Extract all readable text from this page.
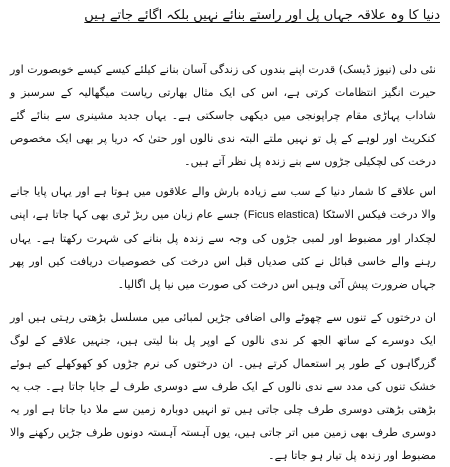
دنیا کا وہ علاقہ جہاں پل اور راستے بنائے نہیں بلکہ اگائے جاتے ہیں

نئی دلی (نیوز ڈیسک) قدرت اپنے بندوں کی زندگی آسان بنانے کیلئے کیسے کیسے خوبصورت اور حیرت انگیز انتظامات کرتی ہے، اس کی ایک مثال بھارتی ریاست میگھالیہ کے سرسبز و شاداب پہاڑی مقام چراپونجی میں دیکھی جاسکتی ہے۔ یہاں جدید مشینری سے بنائے گئے کنکریٹ اور لوہے کے پل تو نہیں ملتے البتہ ندی نالوں اور حتیٰ کہ دریا پر بھی ایک مخصوص درخت کی لچکیلی جڑوں سے بنے زندہ پل نظر آتے ہیں۔

اس علاقے کا شمار دنیا کے سب سے زیادہ بارش والے علاقوں میں ہوتا ہے اور یہاں پایا جانے والا درخت فیکس الاسٹکا (Ficus elastica) جسے عام زبان میں ربڑ ٹری بھی کہا جاتا ہے، اپنی لچکدار اور مضبوط اور لمبی جڑوں کی وجہ سے زندہ پل بنانے کی شہرت رکھتا ہے۔ یہاں رہنے والے خاسی قبائل نے کئی صدیاں قبل اس درخت کی خصوصیات دریافت کیں اور پھر جہاں ضرورت پیش آئی وہیں اس درخت کی صورت میں نیا پل اگالیا۔

ان درختوں کے تنوں سے چھوٹے والی اضافی جڑیں لمبائی میں مسلسل بڑھتی رہتی ہیں اور ایک دوسرے کے ساتھ الجھ کر ندی نالوں کے اوپر پل بنا لیتی ہیں، جنہیں علاقے کے لوگ گزرگاہوں کے طور پر استعمال کرتے ہیں۔ ان درختوں کی نرم جڑوں کو کھوکھلے کیے ہوئے خشک تنوں کی مدد سے ندی نالوں کے ایک طرف سے دوسری طرف لے جایا جاتا ہے۔ جب یہ بڑھتی بڑھتی دوسری طرف چلی جاتی ہیں تو انہیں دوبارہ زمین سے ملا دیا جاتا ہے اور یہ دوسری طرف بھی زمین میں اتر جاتی ہیں، یوں آہستہ آہستہ دونوں طرف جڑیں رکھنے والا مضبوط اور زندہ پل تیار ہو جاتا ہے۔
